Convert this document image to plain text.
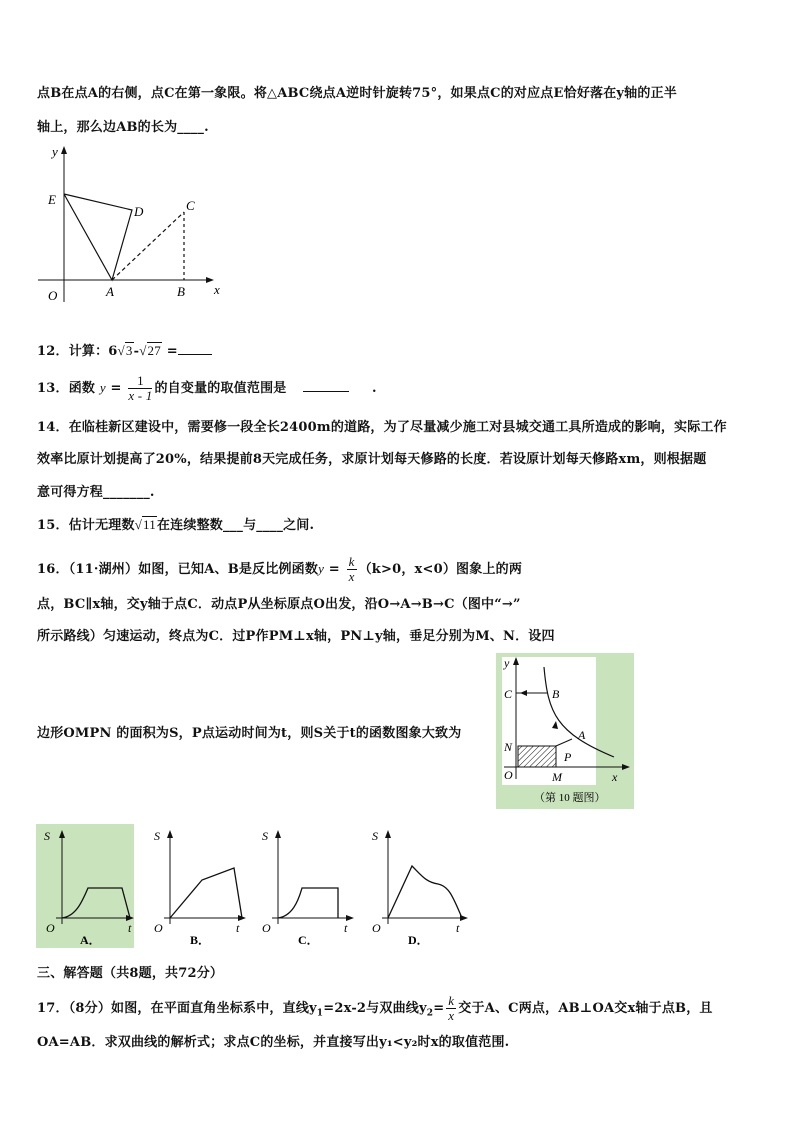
点B在点A的右侧，点C在第一象限。将△ABC绕点A逆时针旋转75°，如果点C的对应点E恰好落在y轴的正半
轴上，那么边AB的长为____.
y
E
D	C
O	A	B x
12．计算：6√3-√27 =
13．函数 $y = \frac{1}{x - 1}$ 的自变量的取值范围是	.
14．在临桂新区建设中，需要修一段全长2400m的道路，为了尽量减少施工对县城交通工具所造成的影响，实际工作
效率比原计划提高了20%，结果提前8天完成任务，求原计划每天修路的长度．若设原计划每天修路xm，则根据题
意可得方程_______.
15．估计无理数√11在连续整数___与____之间.
16．（11·湖州）如图，已知A、B是反比例函数$y = \frac{k}{x} (k>0$，x<0）图象上的两
点，BC∥x轴，交y轴于点C．动点P从坐标原点O出发，沿O→A→B→C（图中“→”
所示路线）匀速运动，终点为C．过P作PM⊥x轴，PN⊥y轴，垂足分别为M、N．设四
边形OMPN 的面积为S，P点运动时间为t，则S关于t的函数图象大致为
y
C	B
A
N
P
O	M	x
（第 10 题图）
S
O	t
A．
S
O	t
B．
S
O	t
C．
S
O	t
D．
三、解答题（共8题，共72分）
17．（8分）如图，在平面直角坐标系中，直线$y_1=2x-2$与双曲线$y_2= \frac{k}{x}$ 交于A、C两点，AB⊥OA交x轴于点B，且
OA=AB．求双曲线的解析式；求点C的坐标，并直接写出y₁<y₂时x的取值范围.
